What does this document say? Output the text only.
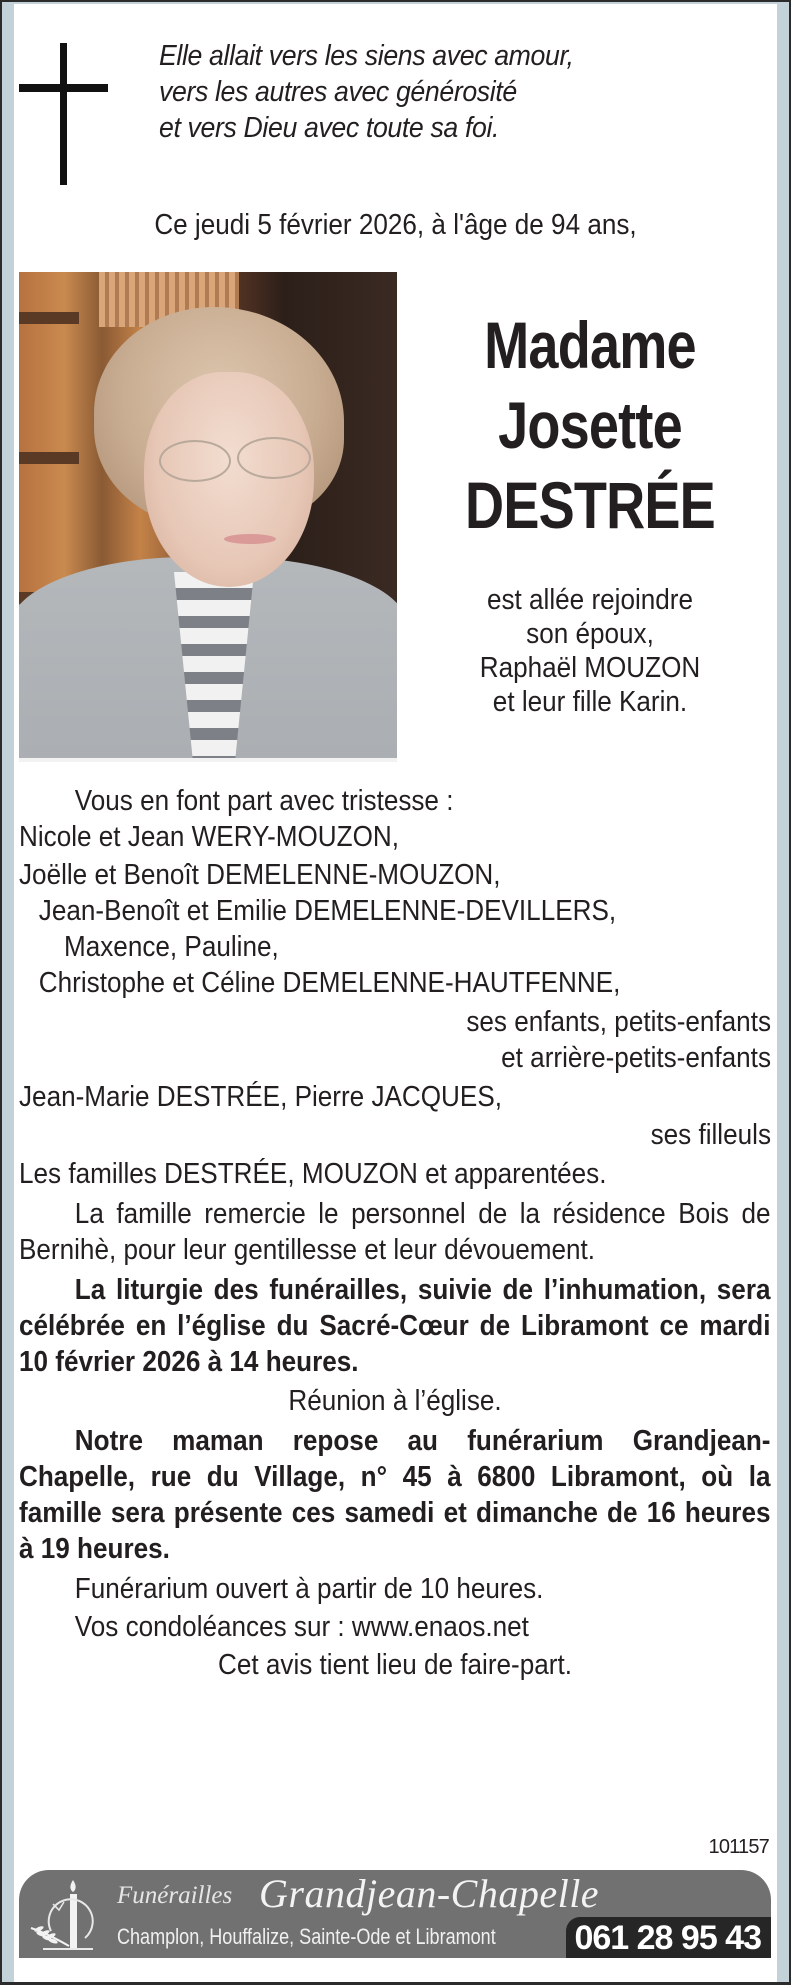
Elle allait vers les siens avec amour,
vers les autres avec générosité
et vers Dieu avec toute sa foi.
Ce jeudi 5 février 2026, à l'âge de 94 ans,
Madame
Josette
DESTRÉE
est allée rejoindre
son époux,
Raphaël MOUZON
et leur fille Karin.
Vous en font part avec tristesse :
Nicole et Jean WERY-MOUZON,
Joëlle et Benoît DEMELENNE-MOUZON,
Jean-Benoît et Emilie DEMELENNE-DEVILLERS,
Maxence, Pauline,
Christophe et Céline DEMELENNE-HAUTFENNE,
ses enfants, petits-enfants
et arrière-petits-enfants
Jean-Marie DESTRÉE, Pierre JACQUES,
ses filleuls
Les familles DESTRÉE, MOUZON et apparentées.

La famille remercie le personnel de la résidence Bois de Bernihè, pour leur gentillesse et leur dévouement.

La liturgie des funérailles, suivie de l’inhumation, sera célébrée en l’église du Sacré-Cœur de Libramont ce mardi 10 février 2026 à 14 heures.

Réunion à l’église.

Notre maman repose au funérarium Grandjean-Chapelle, rue du Village, n° 45 à 6800 Libramont, où la famille sera présente ces samedi et dimanche de 16 heures à 19 heures.

Funérarium ouvert à partir de 10 heures.
Vos condoléances sur : www.enaos.net
Cet avis tient lieu de faire-part.
101157
Funérailles Grandjean-Chapelle
Champlon, Houffalize, Sainte-Ode et Libramont 061 28 95 43
